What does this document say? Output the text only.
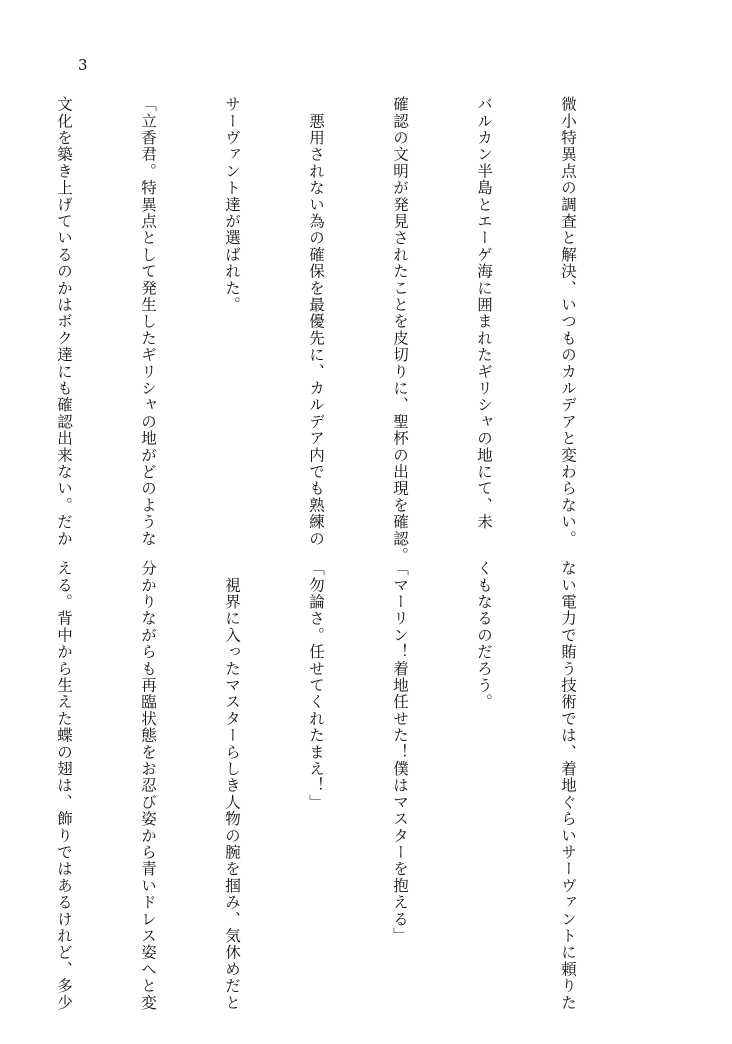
3

微小特異点の調査と解決、いつものカルデアと変わらない。

バルカン半島とエーゲ海に囲まれたギリシャの地にて、未

確認の文明が発見されたことを皮切りに、聖杯の出現を確認。

　悪用されない為の確保を最優先に、カルデア内でも熟練の

サーヴァント達が選ばれた。

「立香君。特異点として発生したギリシャの地がどのような

文化を築き上げているのかはボク達にも確認出来ない。だか

ない電力で賄う技術では、着地ぐらいサーヴァントに頼りた

くもなるのだろう。

「マーリン！着地任せた！僕はマスターを抱える」

「勿論さ。任せてくれたまえ！」

　視界に入ったマスターらしき人物の腕を掴み、気休めだと

分かりながらも再臨状態をお忍び姿から青いドレス姿へと変

える。背中から生えた蝶の翅は、飾りではあるけれど、多少
